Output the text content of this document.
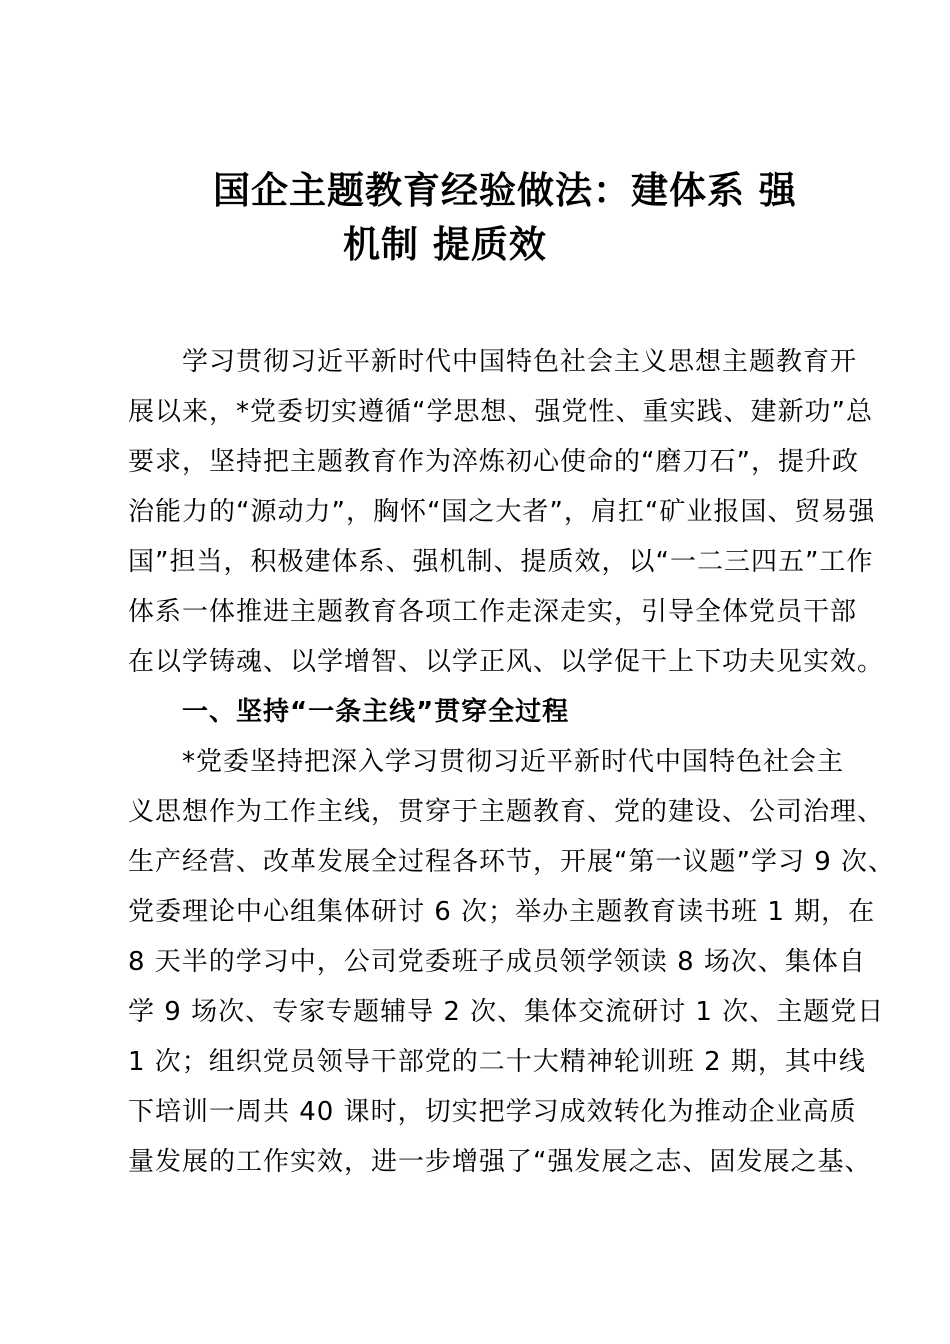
国企主题教育经验做法：建体系 强
机制 提质效
　　学习贯彻习近平新时代中国特色社会主义思想主题教育开
展以来，*党委切实遵循“学思想、强党性、重实践、建新功”总
要求，坚持把主题教育作为淬炼初心使命的“磨刀石”，提升政
治能力的“源动力”，胸怀“国之大者”，肩扛“矿业报国、贸易强
国”担当，积极建体系、强机制、提质效，以“一二三四五”工作
体系一体推进主题教育各项工作走深走实，引导全体党员干部
在以学铸魂、以学增智、以学正风、以学促干上下功夫见实效。
　　一、坚持“一条主线”贯穿全过程
　　*党委坚持把深入学习贯彻习近平新时代中国特色社会主
义思想作为工作主线，贯穿于主题教育、党的建设、公司治理、
生产经营、改革发展全过程各环节，开展“第一议题”学习 9 次、
党委理论中心组集体研讨 6 次；举办主题教育读书班 1 期，在
8 天半的学习中，公司党委班子成员领学领读 8 场次、集体自
学 9 场次、专家专题辅导 2 次、集体交流研讨 1 次、主题党日
1 次；组织党员领导干部党的二十大精神轮训班 2 期，其中线
下培训一周共 40 课时，切实把学习成效转化为推动企业高质
量发展的工作实效，进一步增强了“强发展之志、固发展之基、
